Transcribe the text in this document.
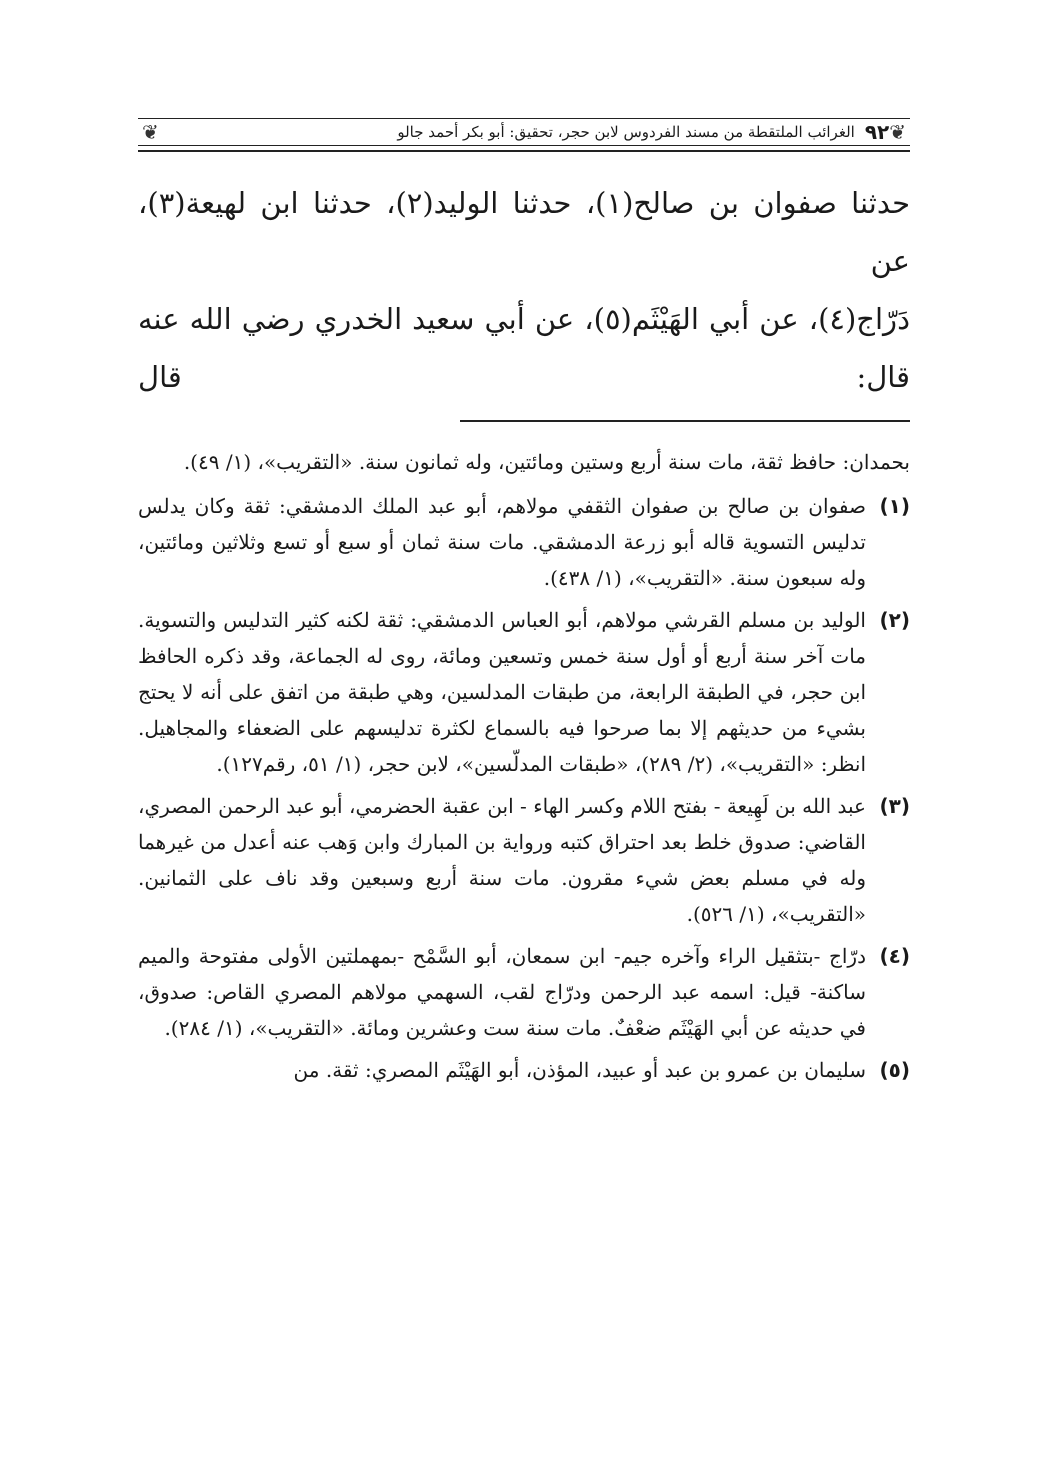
❦
٩٢
الغرائب الملتقطة من مسند الفردوس لابن حجر، تحقيق: أبو بكر أحمد جالو
❦

حدثنا صفوان بن صالح(١)، حدثنا الوليد(٢)، حدثنا ابن لهيعة(٣)، عن

دَرّاج(٤)، عن أبي الهَيْثَم(٥)، عن أبي سعيد الخدري رضي الله عنه قال: قال

بحمدان: حافظ ثقة، مات سنة أربع وستين ومائتين، وله ثمانون سنة. «التقريب»، (١/ ٤٩).

(١)
صفوان بن صالح بن صفوان الثقفي مولاهم، أبو عبد الملك الدمشقي: ثقة وكان يدلس تدليس التسوية قاله أبو زرعة الدمشقي. مات سنة ثمان أو سبع أو تسع وثلاثين ومائتين، وله سبعون سنة. «التقريب»، (١/ ٤٣٨).
(٢)
الوليد بن مسلم القرشي مولاهم، أبو العباس الدمشقي: ثقة لكنه كثير التدليس والتسوية. مات آخر سنة أربع أو أول سنة خمس وتسعين ومائة، روى له الجماعة، وقد ذكره الحافظ ابن حجر، في الطبقة الرابعة، من طبقات المدلسين، وهي طبقة من اتفق على أنه لا يحتج بشيء من حديثهم إلا بما صرحوا فيه بالسماع لكثرة تدليسهم على الضعفاء والمجاهيل. انظر: «التقريب»، (٢/ ٢٨٩)، «طبقات المدلّسين»، لابن حجر، (١/ ٥١، رقم١٢٧).
(٣)
عبد الله بن لَهِيعة - بفتح اللام وكسر الهاء - ابن عقبة الحضرمي، أبو عبد الرحمن المصري، القاضي: صدوق خلط بعد احتراق كتبه ورواية بن المبارك وابن وَهب عنه أعدل من غيرهما وله في مسلم بعض شيء مقرون. مات سنة أربع وسبعين وقد ناف على الثمانين. «التقريب»، (١/ ٥٢٦).
(٤)
درّاج -بتثقيل الراء وآخره جيم- ابن سمعان، أبو السَّمْح -بمهملتين الأولى مفتوحة والميم ساكنة- قيل: اسمه عبد الرحمن ودرّاج لقب، السهمي مولاهم المصري القاص: صدوق، في حديثه عن أبي الهَيْثَم ضعْفٌ. مات سنة ست وعشرين ومائة. «التقريب»، (١/ ٢٨٤).
(٥)
سليمان بن عمرو بن عبد أو عبيد، المؤذن، أبو الهَيْثَم المصري: ثقة. من
